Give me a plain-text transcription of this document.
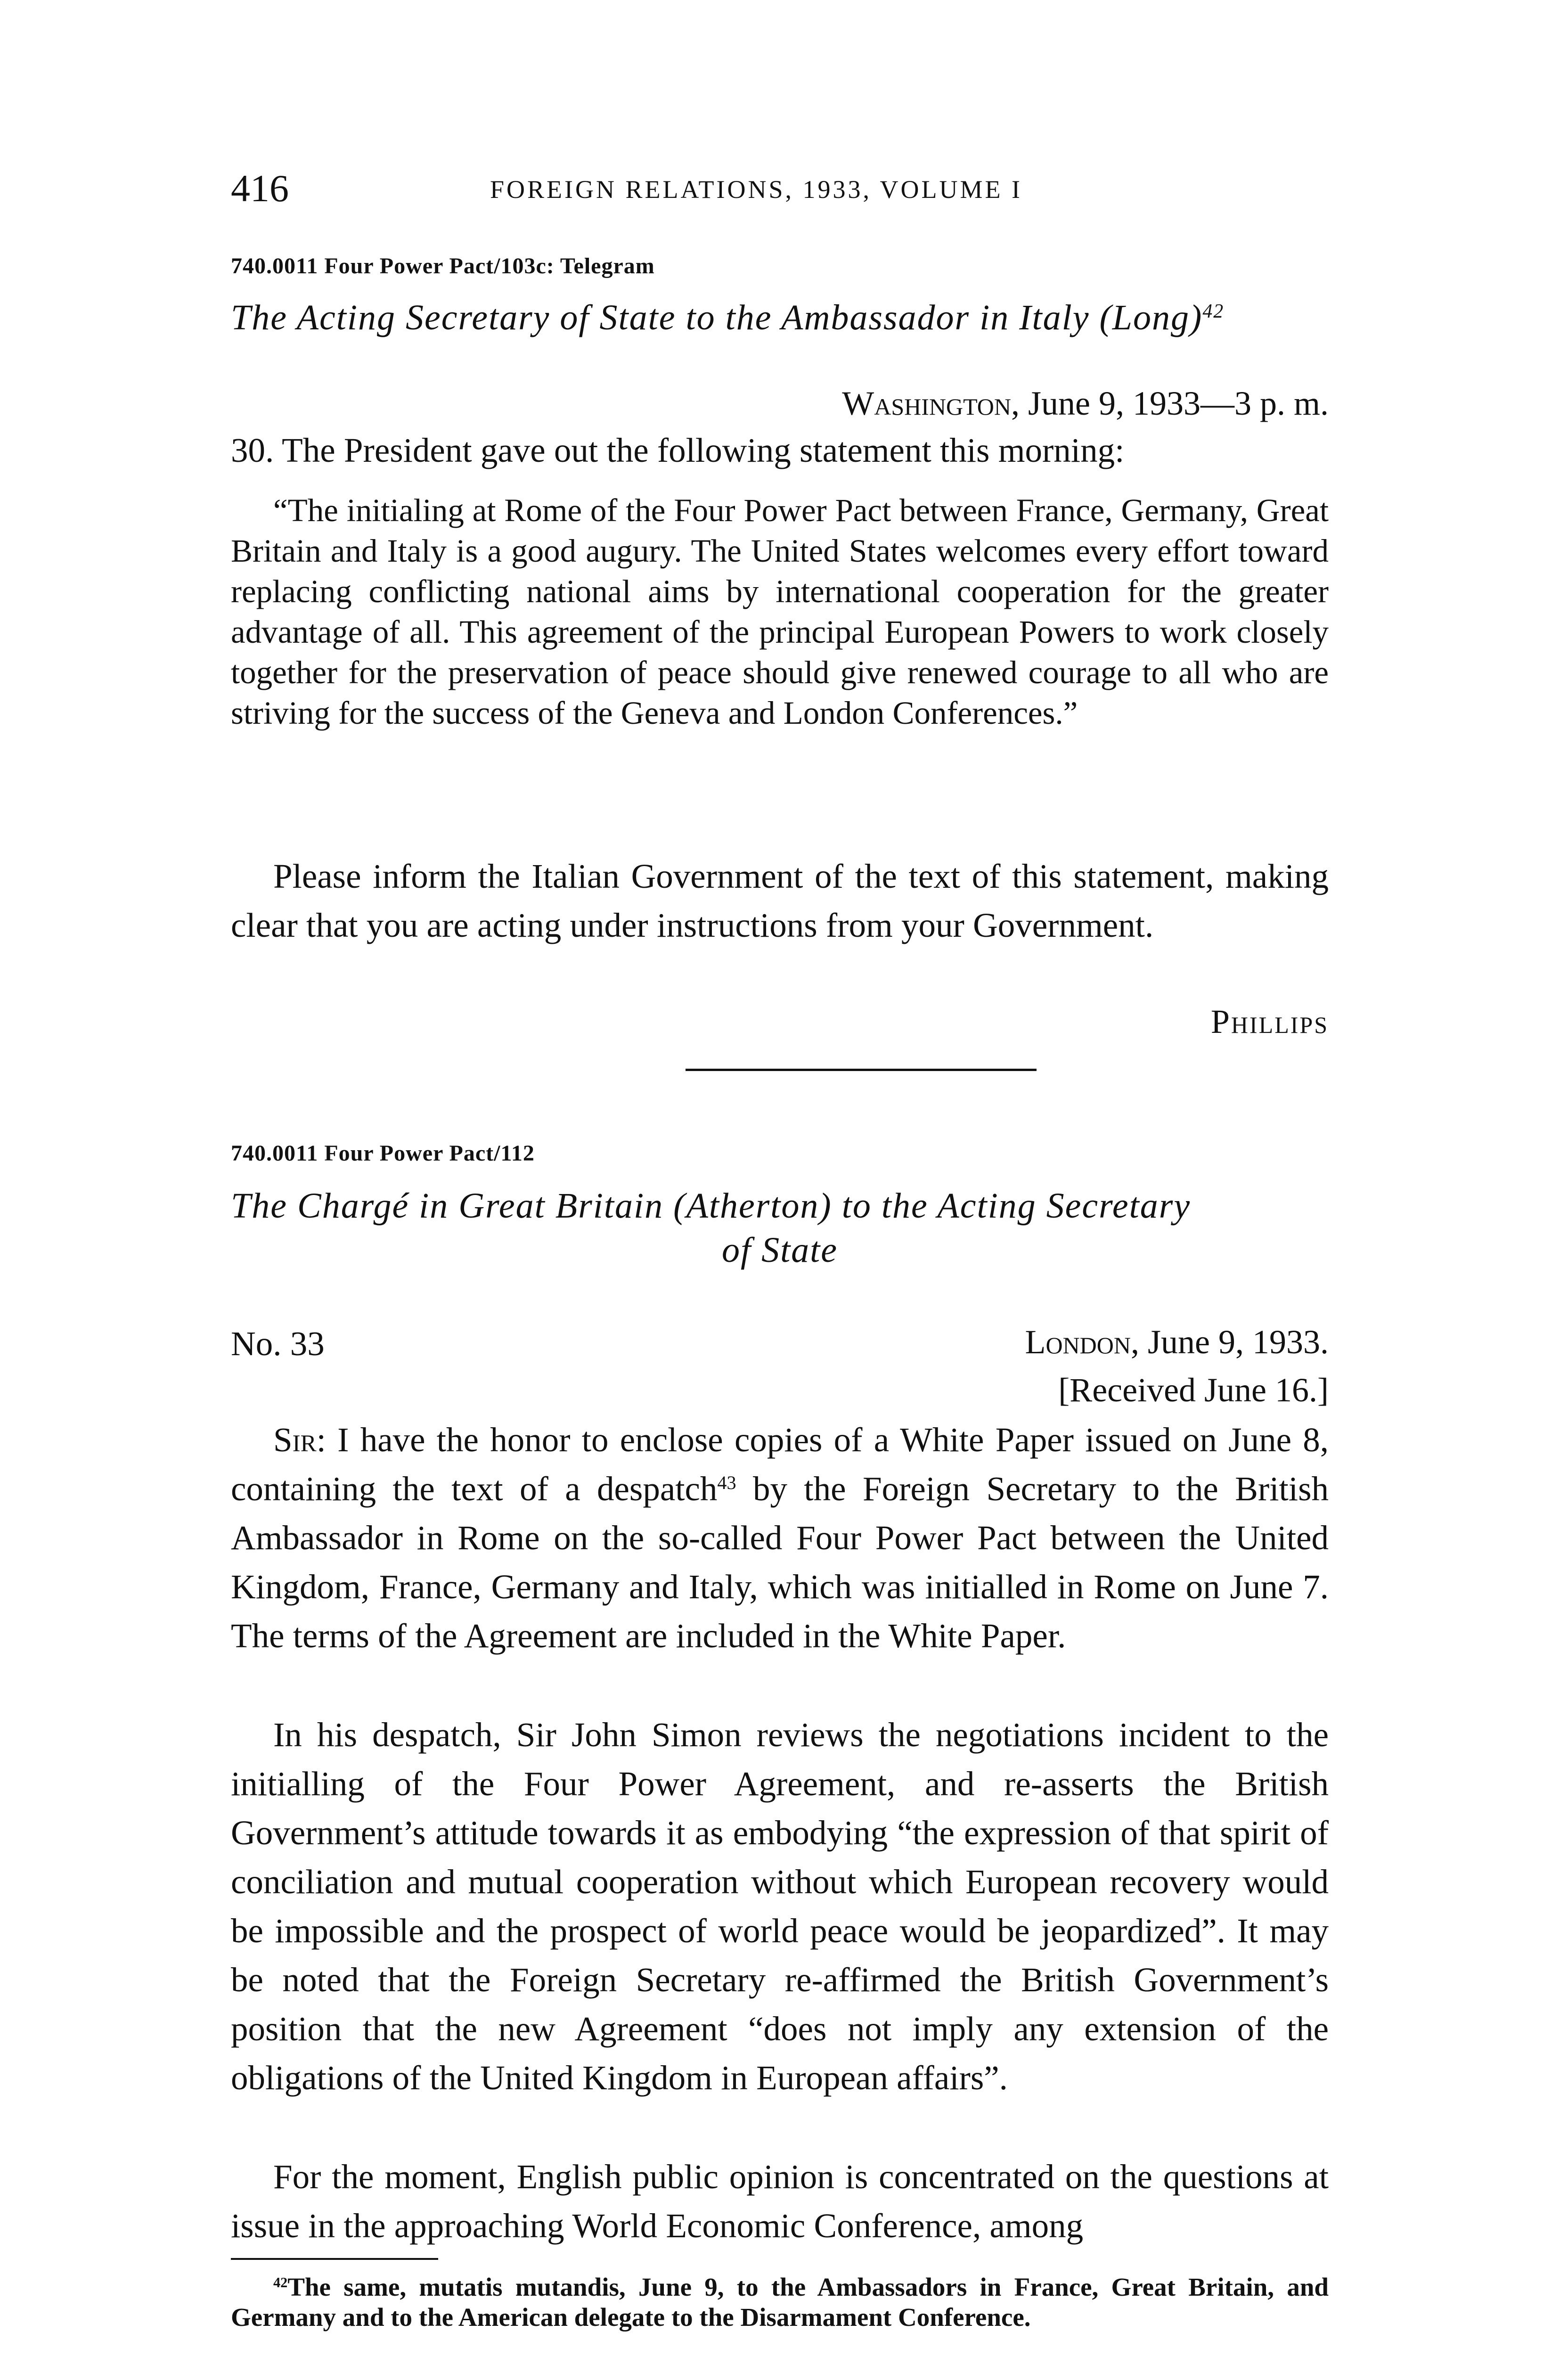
416	FOREIGN RELATIONS, 1933, VOLUME I
740.0011 Four Power Pact/103c: Telegram
The Acting Secretary of State to the Ambassador in Italy (Long)$^{42}$
Washington, June 9, 1933—3 p. m.
30. The President gave out the following statement this morning:
“The initialing at Rome of the Four Power Pact between France, Germany, Great Britain and Italy is a good augury. The United States welcomes every effort toward replacing conflicting national aims by international cooperation for the greater advantage of all. This agreement of the principal European Powers to work closely together for the preservation of peace should give renewed courage to all who are striving for the success of the Geneva and London Conferences.”
Please inform the Italian Government of the text of this statement, making clear that you are acting under instructions from your Government.
Phillips
740.0011 Four Power Pact/112
The Chargé in Great Britain (Atherton) to the Acting Secretary
of State
No. 33	London, June 9, 1933.
[Received June 16.]
Sir: I have the honor to enclose copies of a White Paper issued on June 8, containing the text of a despatch$^{43}$ by the Foreign Secretary to the British Ambassador in Rome on the so-called Four Power Pact between the United Kingdom, France, Germany and Italy, which was initialled in Rome on June 7. The terms of the Agreement are included in the White Paper.
In his despatch, Sir John Simon reviews the negotiations incident to the initialling of the Four Power Agreement, and re-asserts the British Government’s attitude towards it as embodying “the expression of that spirit of conciliation and mutual cooperation without which European recovery would be impossible and the prospect of world peace would be jeopardized”. It may be noted that the Foreign Secretary re-affirmed the British Government’s position that the new Agreement “does not imply any extension of the obligations of the United Kingdom in European affairs”.
For the moment, English public opinion is concentrated on the questions at issue in the approaching World Economic Conference, among
$^{42}$The same, mutatis mutandis, June 9, to the Ambassadors in France, Great Britain, and Germany and to the American delegate to the Disarmament Conference.
